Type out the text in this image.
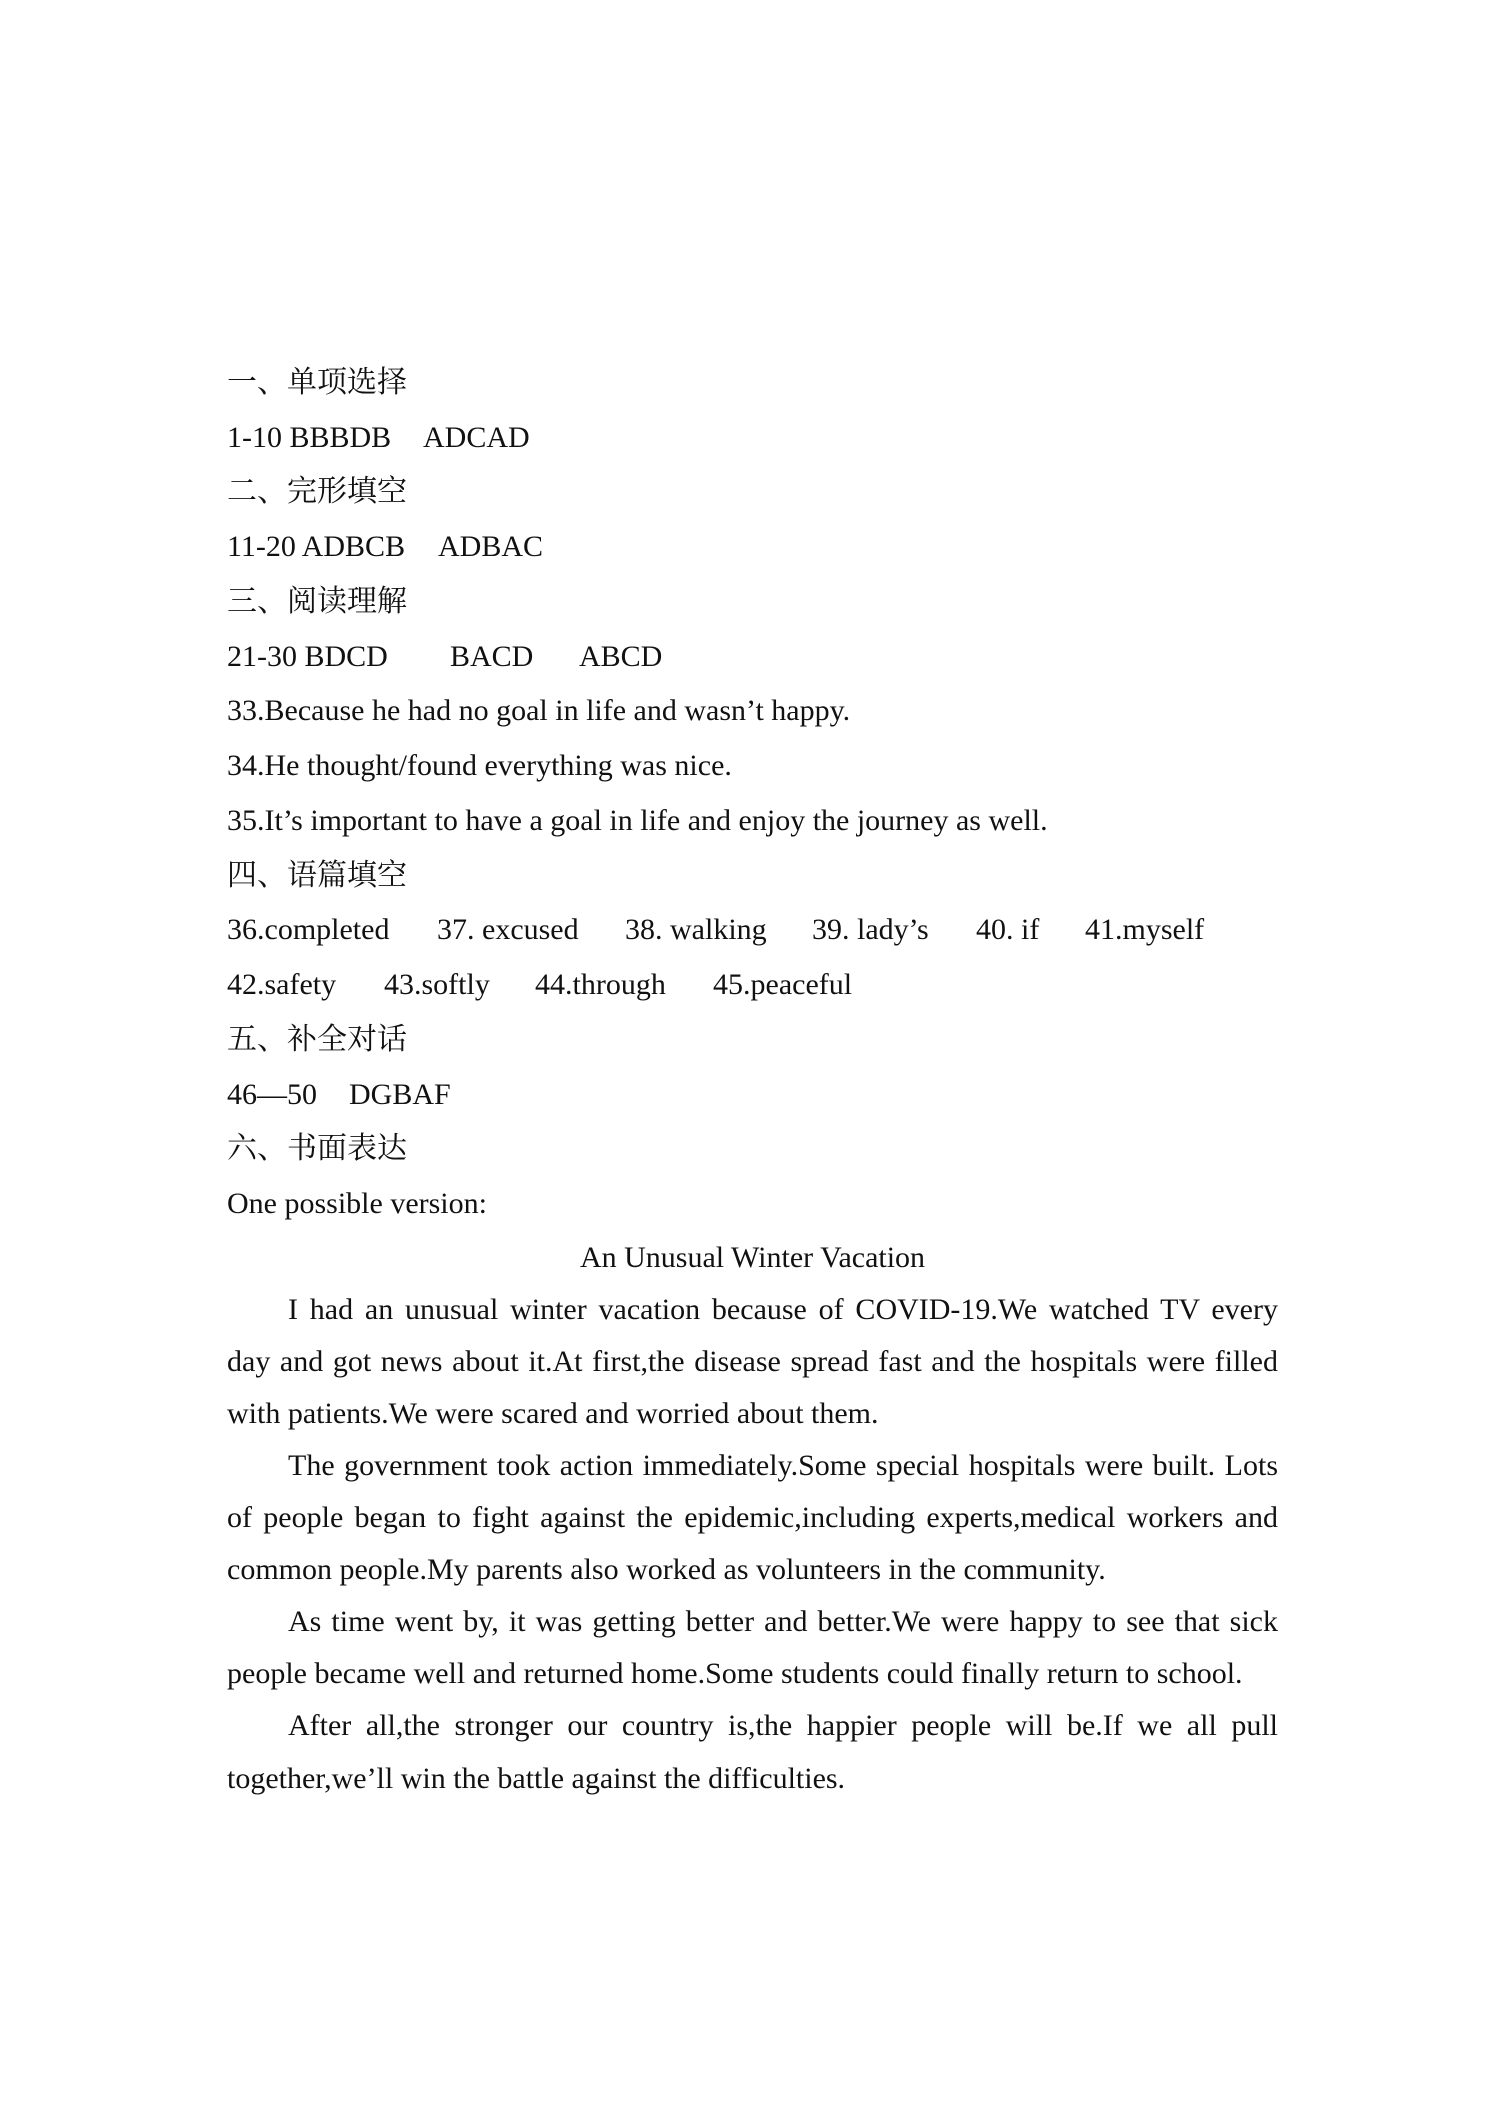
一、单项选择
1-10 BBBDB ADCAD
二、完形填空
11-20 ADBCB ADBAC
三、阅读理解
21-30 BDCD BACD ABCD
33.Because he had no goal in life and wasn’t happy.
34.He thought/found everything was nice.
35.It’s important to have a goal in life and enjoy the journey as well.
四、语篇填空
36.completed 37. excused 38. walking 39. lady’s 40. if 41.myself
42.safety 43.softly 44.through 45.peaceful
五、补全对话
46—50 DGBAF
六、书面表达
One possible version:
An Unusual Winter Vacation
I had an unusual winter vacation because of COVID-19.We watched TV every
day and got news about it.At first,the disease spread fast and the hospitals were filled
with patients.We were scared and worried about them.
The government took action immediately.Some special hospitals were built. Lots
of people began to fight against the epidemic,including experts,medical workers and
common people.My parents also worked as volunteers in the community.
As time went by, it was getting better and better.We were happy to see that sick
people became well and returned home.Some students could finally return to school.
After all,the stronger our country is,the happier people will be.If we all pull
together,we’ll win the battle against the difficulties.
